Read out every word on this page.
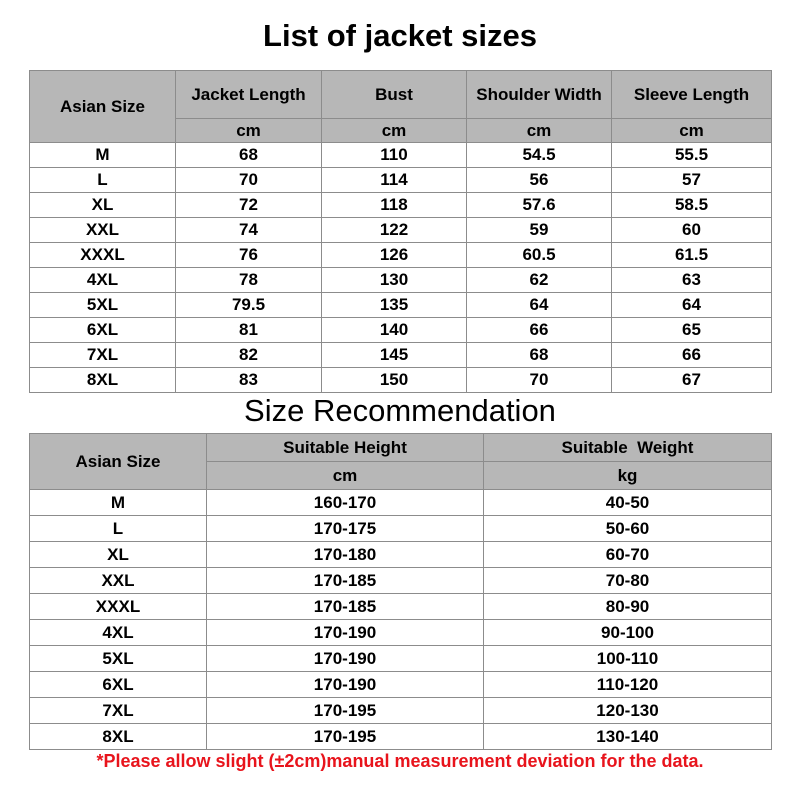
List of jacket sizes
Asian Size	Jacket Length	Bust	Shoulder Width	Sleeve Length
	cm	cm	cm	cm
M	68	110	54.5	55.5
L	70	114	56	57
XL	72	118	57.6	58.5
XXL	74	122	59	60
XXXL	76	126	60.5	61.5
4XL	78	130	62	63
5XL	79.5	135	64	64
6XL	81	140	66	65
7XL	82	145	68	66
8XL	83	150	70	67
Size Recommendation
Asian Size	Suitable Height	Suitable  Weight
	cm	kg
M	160-170	40-50
L	170-175	50-60
XL	170-180	60-70
XXL	170-185	70-80
XXXL	170-185	80-90
4XL	170-190	90-100
5XL	170-190	100-110
6XL	170-190	110-120
7XL	170-195	120-130
8XL	170-195	130-140
*Please allow slight (±2cm)manual measurement deviation for the data.
